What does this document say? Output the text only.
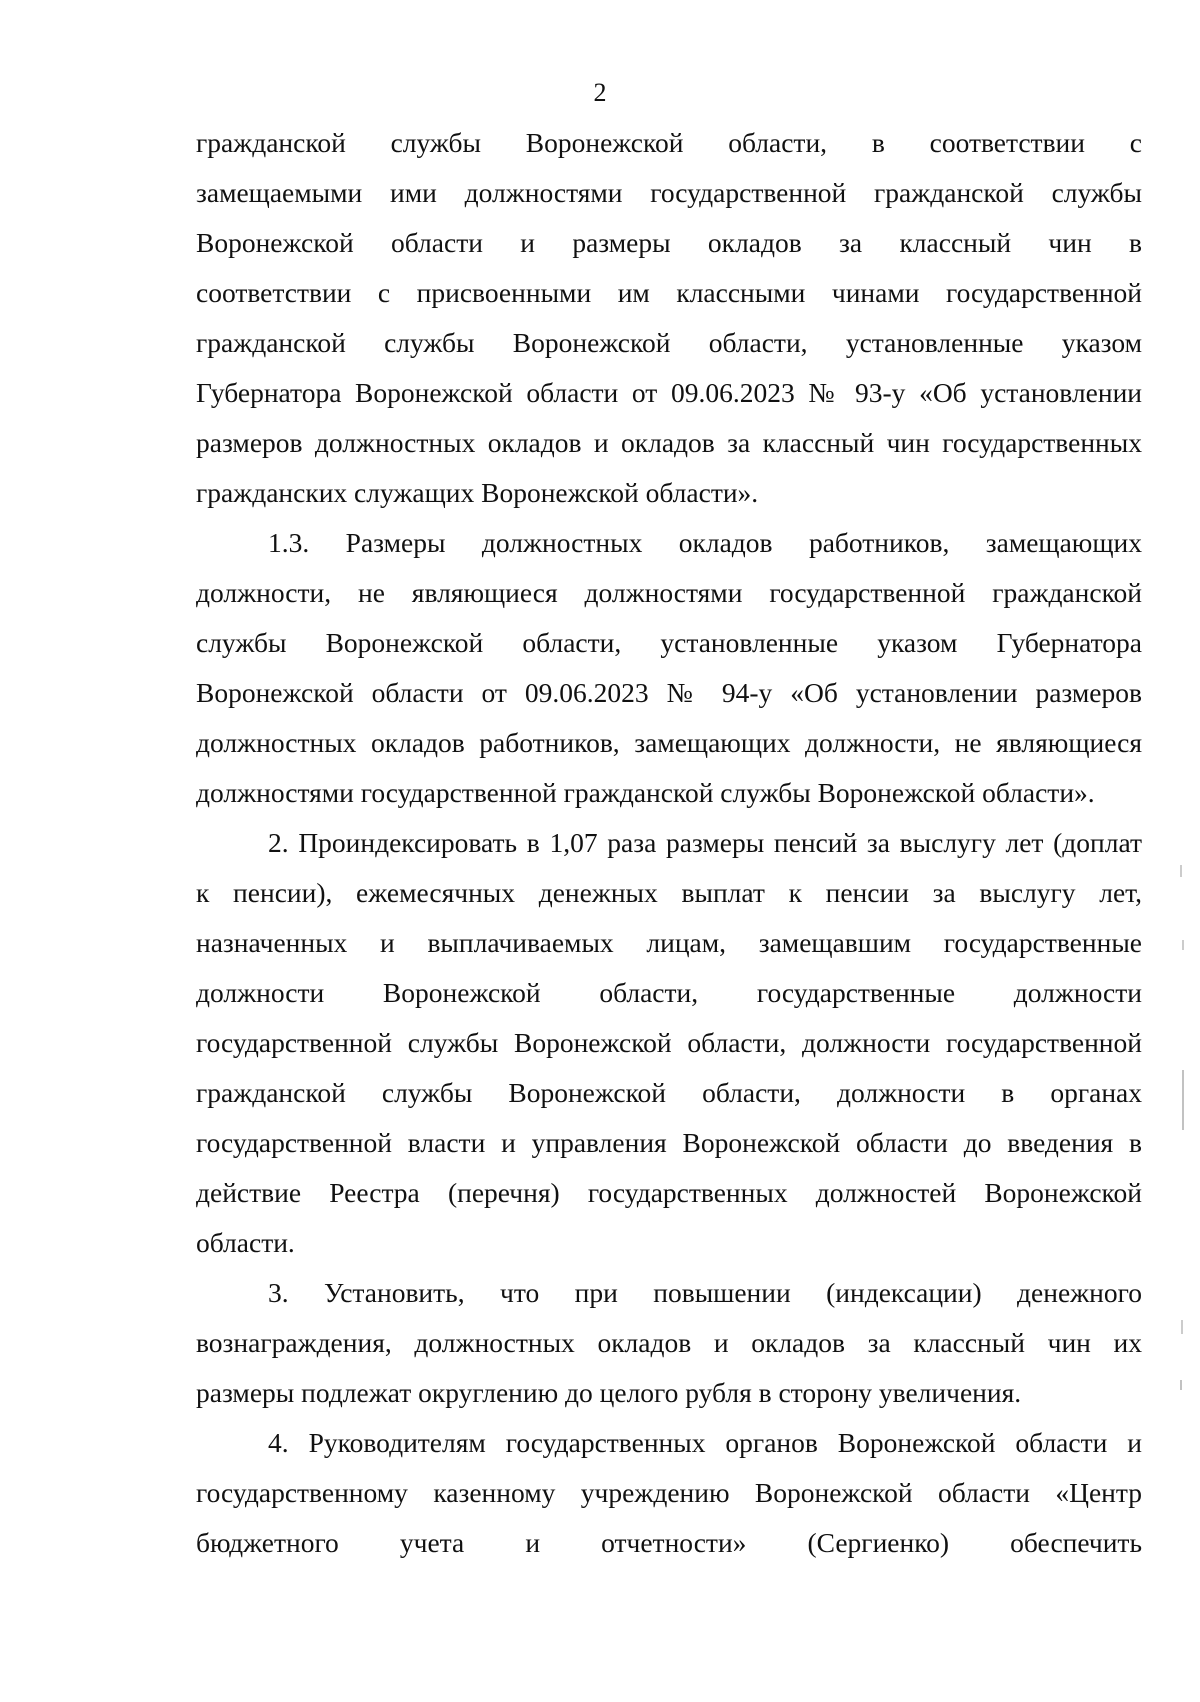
2
гражданской службы Воронежской области, в соответствии с
замещаемыми ими должностями государственной гражданской службы
Воронежской области и размеры окладов за классный чин в
соответствии с присвоенными им классными чинами государственной
гражданской службы Воронежской области, установленные указом
Губернатора Воронежской области от 09.06.2023 № 93-у «Об установлении
размеров должностных окладов и окладов за классный чин государственных
гражданских служащих Воронежской области».
1.3. Размеры должностных окладов работников, замещающих
должности, не являющиеся должностями государственной гражданской
службы Воронежской области, установленные указом Губернатора
Воронежской области от 09.06.2023 № 94-у «Об установлении размеров
должностных окладов работников, замещающих должности, не являющиеся
должностями государственной гражданской службы Воронежской области».
2. Проиндексировать в 1,07 раза размеры пенсий за выслугу лет (доплат
к пенсии), ежемесячных денежных выплат к пенсии за выслугу лет,
назначенных и выплачиваемых лицам, замещавшим государственные
должности Воронежской области, государственные должности
государственной службы Воронежской области, должности государственной
гражданской службы Воронежской области, должности в органах
государственной власти и управления Воронежской области до введения в
действие Реестра (перечня) государственных должностей Воронежской
области.
3. Установить, что при повышении (индексации) денежного
вознаграждения, должностных окладов и окладов за классный чин их
размеры подлежат округлению до целого рубля в сторону увеличения.
4. Руководителям государственных органов Воронежской области и
государственному казенному учреждению Воронежской области «Центр
бюджетного учета и отчетности» (Сергиенко) обеспечить
